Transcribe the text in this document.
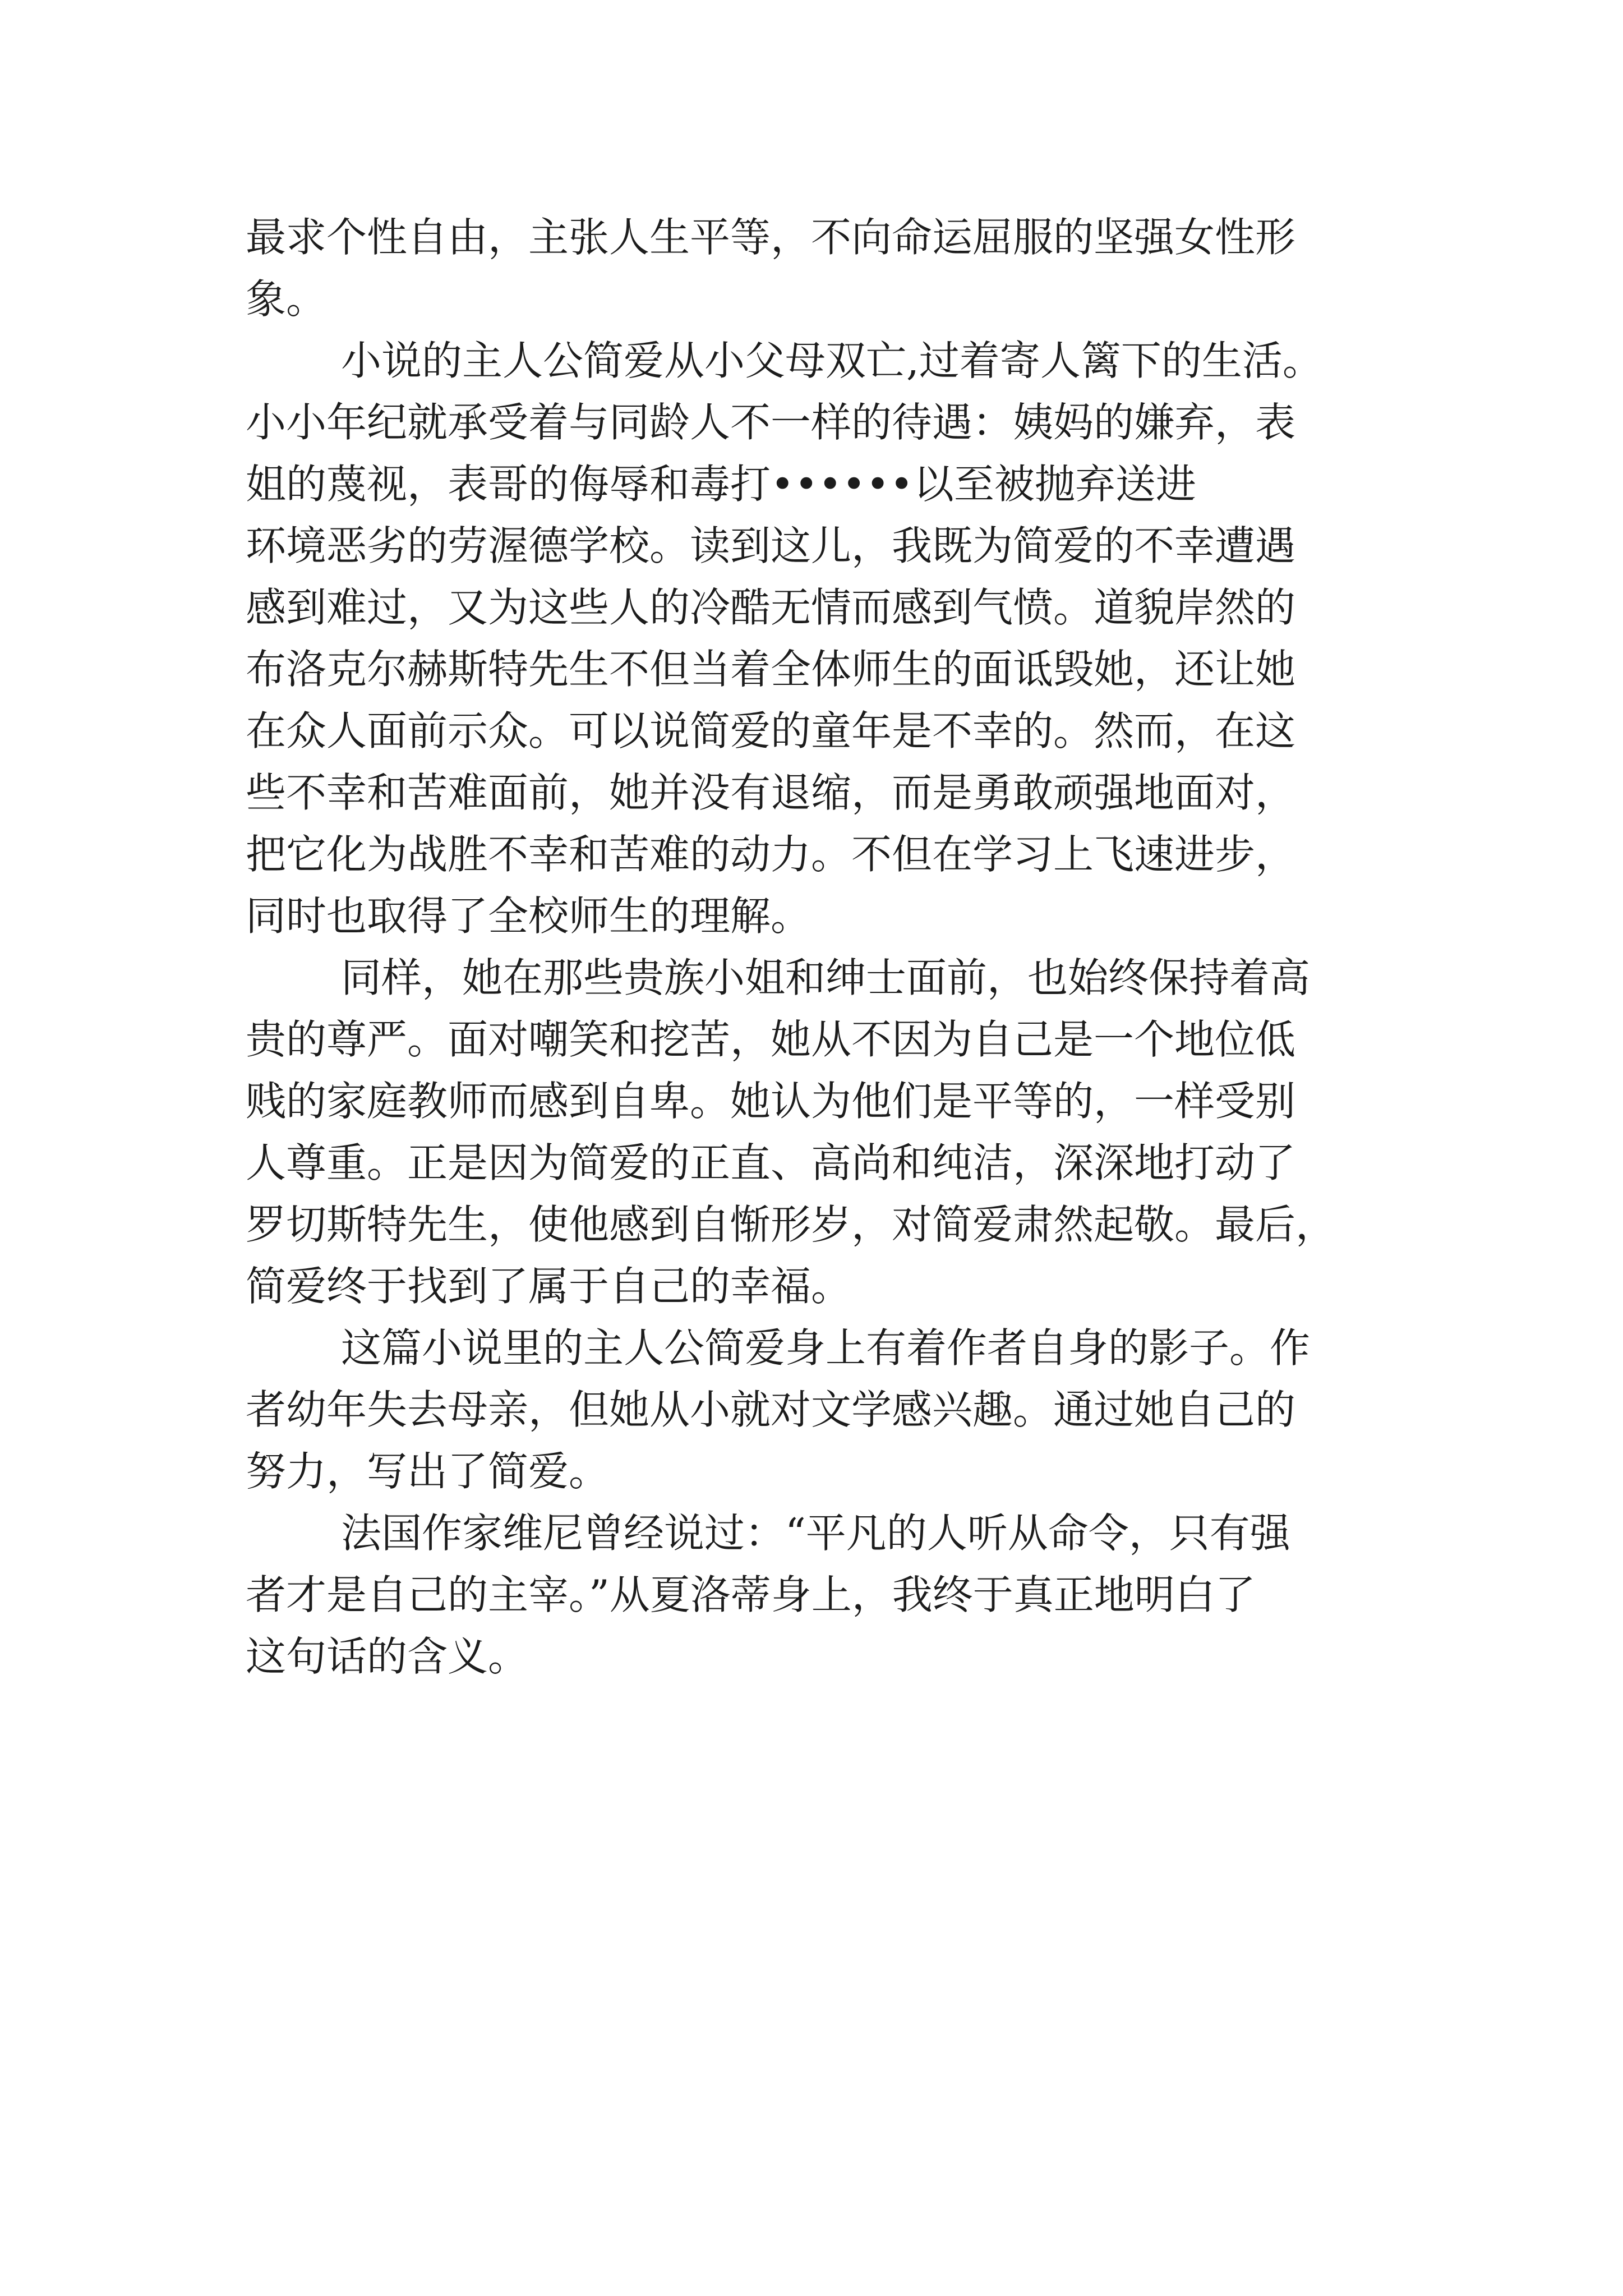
最求个性自由，主张人生平等，不向命运屈服的坚强女性形
象。
小说的主人公简爱从小父母双亡,过着寄人篱下的生活。
小小年纪就承受着与同龄人不一样的待遇：姨妈的嫌弃，表
姐的蔑视，表哥的侮辱和毒打••••••以至被抛弃送进
环境恶劣的劳渥德学校。读到这儿，我既为简爱的不幸遭遇
感到难过，又为这些人的冷酷无情而感到气愤。道貌岸然的
布洛克尔赫斯特先生不但当着全体师生的面诋毁她，还让她
在众人面前示众。可以说简爱的童年是不幸的。然而，在这
些不幸和苦难面前，她并没有退缩，而是勇敢顽强地面对，
把它化为战胜不幸和苦难的动力。不但在学习上飞速进步，
同时也取得了全校师生的理解。
同样，她在那些贵族小姐和绅士面前，也始终保持着高
贵的尊严。面对嘲笑和挖苦，她从不因为自己是一个地位低
贱的家庭教师而感到自卑。她认为他们是平等的，一样受别
人尊重。正是因为简爱的正直、高尚和纯洁，深深地打动了
罗切斯特先生，使他感到自惭形岁，对简爱肃然起敬。最后，
简爱终于找到了属于自己的幸福。
这篇小说里的主人公简爱身上有着作者自身的影子。作
者幼年失去母亲，但她从小就对文学感兴趣。通过她自己的
努力，写出了简爱。
法国作家维尼曾经说过：“平凡的人听从命令，只有强
者才是自己的主宰。”从夏洛蒂身上，我终于真正地明白了
这句话的含义。
